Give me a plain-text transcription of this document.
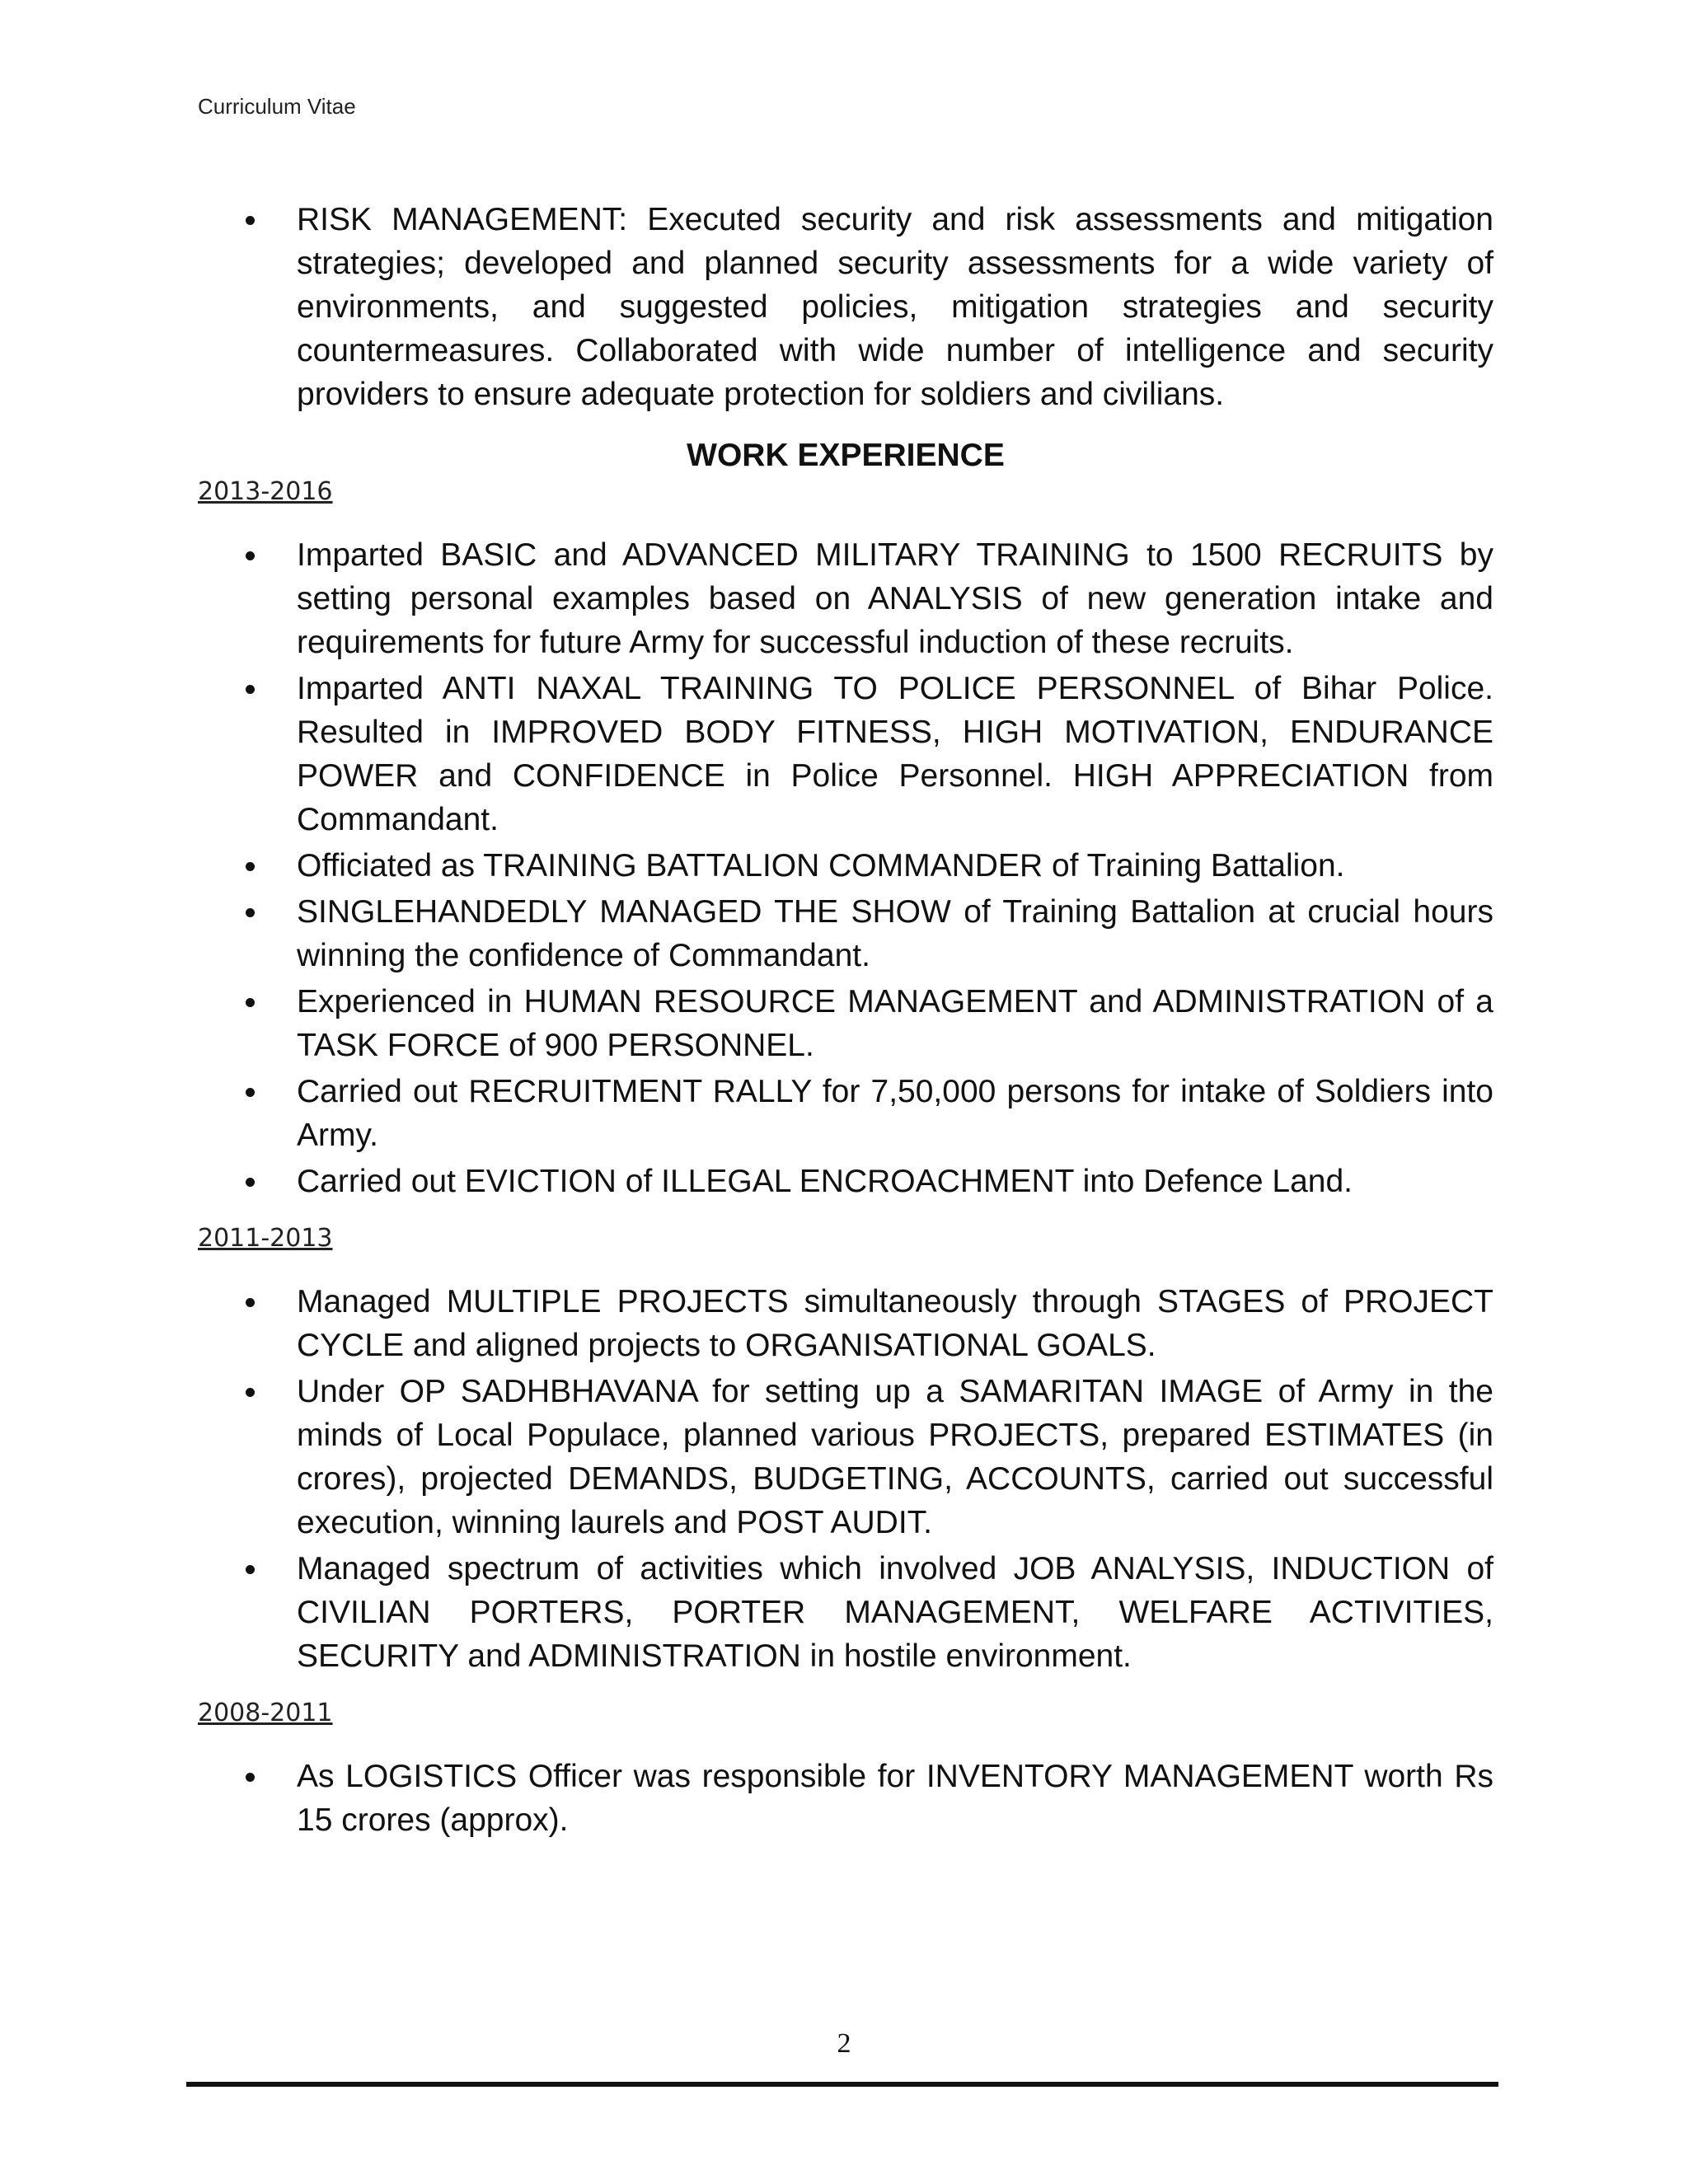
Curriculum Vitae
RISK MANAGEMENT: Executed security and risk assessments and mitigation strategies; developed and planned security assessments for a wide variety of environments, and suggested policies, mitigation strategies and security countermeasures. Collaborated with wide number of intelligence and security providers to ensure adequate protection for soldiers and civilians.
WORK EXPERIENCE
2013-2016
Imparted BASIC and ADVANCED MILITARY TRAINING to 1500 RECRUITS by setting personal examples based on ANALYSIS of new generation intake and requirements for future Army for successful induction of these recruits.
Imparted ANTI NAXAL TRAINING TO POLICE PERSONNEL of Bihar Police. Resulted in IMPROVED BODY FITNESS, HIGH MOTIVATION, ENDURANCE POWER and CONFIDENCE in Police Personnel. HIGH APPRECIATION from Commandant.
Officiated as TRAINING BATTALION COMMANDER of Training Battalion.
SINGLEHANDEDLY MANAGED THE SHOW of Training Battalion at crucial hours winning the confidence of Commandant.
Experienced in HUMAN RESOURCE MANAGEMENT and ADMINISTRATION of a TASK FORCE of 900 PERSONNEL.
Carried out RECRUITMENT RALLY for 7,50,000 persons for intake of Soldiers into Army.
Carried out EVICTION of ILLEGAL ENCROACHMENT into Defence Land.
2011-2013
Managed MULTIPLE PROJECTS simultaneously through STAGES of PROJECT CYCLE and aligned projects to ORGANISATIONAL GOALS.
Under OP SADHBHAVANA for setting up a SAMARITAN IMAGE of Army in the minds of Local Populace, planned various PROJECTS, prepared ESTIMATES (in crores), projected DEMANDS, BUDGETING, ACCOUNTS, carried out successful execution, winning laurels and POST AUDIT.
Managed spectrum of activities which involved JOB ANALYSIS, INDUCTION of CIVILIAN PORTERS, PORTER MANAGEMENT, WELFARE ACTIVITIES, SECURITY and ADMINISTRATION in hostile environment.
2008-2011
As LOGISTICS Officer was responsible for INVENTORY MANAGEMENT worth Rs 15 crores (approx).
2
